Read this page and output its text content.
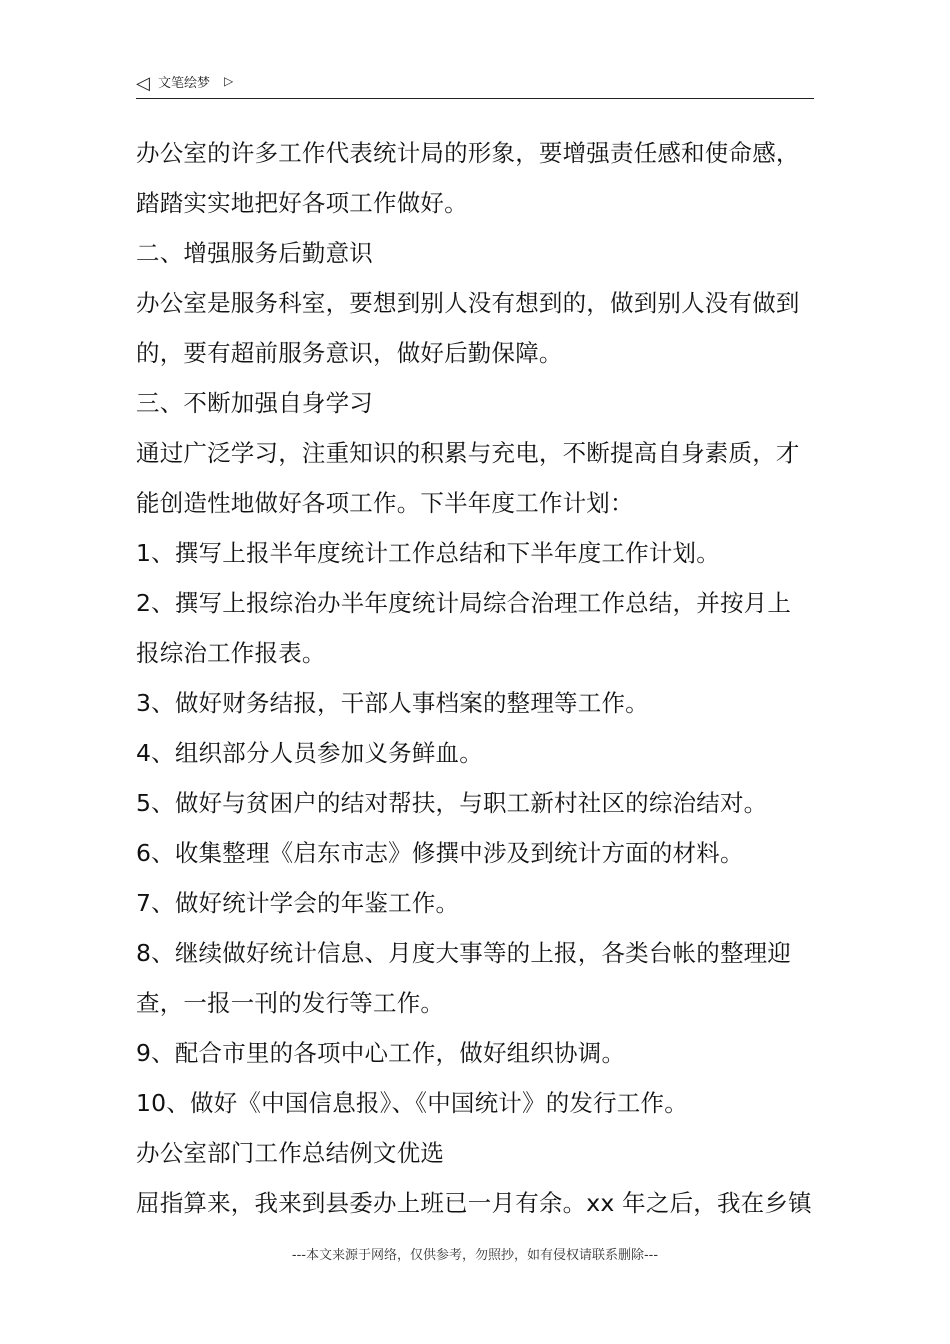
◁ 文笔绘梦 ▷
办公室的许多工作代表统计局的形象，要增强责任感和使命感，
踏踏实实地把好各项工作做好。
二、增强服务后勤意识
办公室是服务科室，要想到别人没有想到的，做到别人没有做到
的，要有超前服务意识，做好后勤保障。
三、不断加强自身学习
通过广泛学习，注重知识的积累与充电，不断提高自身素质，才
能创造性地做好各项工作。下半年度工作计划：
1、撰写上报半年度统计工作总结和下半年度工作计划。
2、撰写上报综治办半年度统计局综合治理工作总结，并按月上
报综治工作报表。
3、做好财务结报，干部人事档案的整理等工作。
4、组织部分人员参加义务鲜血。
5、做好与贫困户的结对帮扶，与职工新村社区的综治结对。
6、收集整理《启东市志》修撰中涉及到统计方面的材料。
7、做好统计学会的年鉴工作。
8、继续做好统计信息、月度大事等的上报，各类台帐的整理迎
查，一报一刊的发行等工作。
9、配合市里的各项中心工作，做好组织协调。
10、做好《中国信息报》、《中国统计》的发行工作。
办公室部门工作总结例文优选
屈指算来，我来到县委办上班已一月有余。xx 年之后，我在乡镇
---本文来源于网络，仅供参考，勿照抄，如有侵权请联系删除---
